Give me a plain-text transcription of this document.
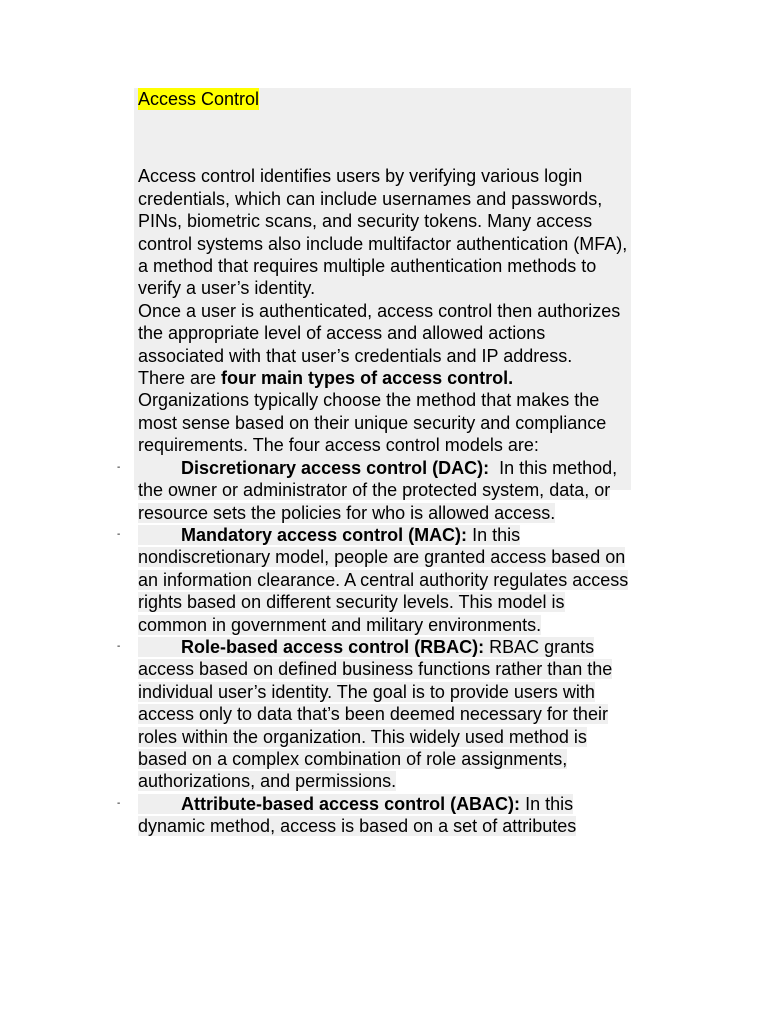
Access Control

Access control identifies users by verifying various login credentials, which can include usernames and passwords, PINs, biometric scans, and security tokens. Many access control systems also include multifactor authentication (MFA), a method that requires multiple authentication methods to verify a user’s identity.

Once a user is authenticated, access control then authorizes the appropriate level of access and allowed actions associated with that user’s credentials and IP address.

There are four main types of access control.
Organizations typically choose the method that makes the most sense based on their unique security and compliance requirements. The four access control models are:

-	Discretionary access control (DAC): In this method, the owner or administrator of the protected system, data, or resource sets the policies for who is allowed access.

-	Mandatory access control (MAC): In this nondiscretionary model, people are granted access based on an information clearance. A central authority regulates access rights based on different security levels. This model is common in government and military environments.

-	Role-based access control (RBAC): RBAC grants access based on defined business functions rather than the individual user’s identity. The goal is to provide users with access only to data that’s been deemed necessary for their roles within the organization. This widely used method is based on a complex combination of role assignments, authorizations, and permissions.

-	Attribute-based access control (ABAC): In this dynamic method, access is based on a set of attributes
